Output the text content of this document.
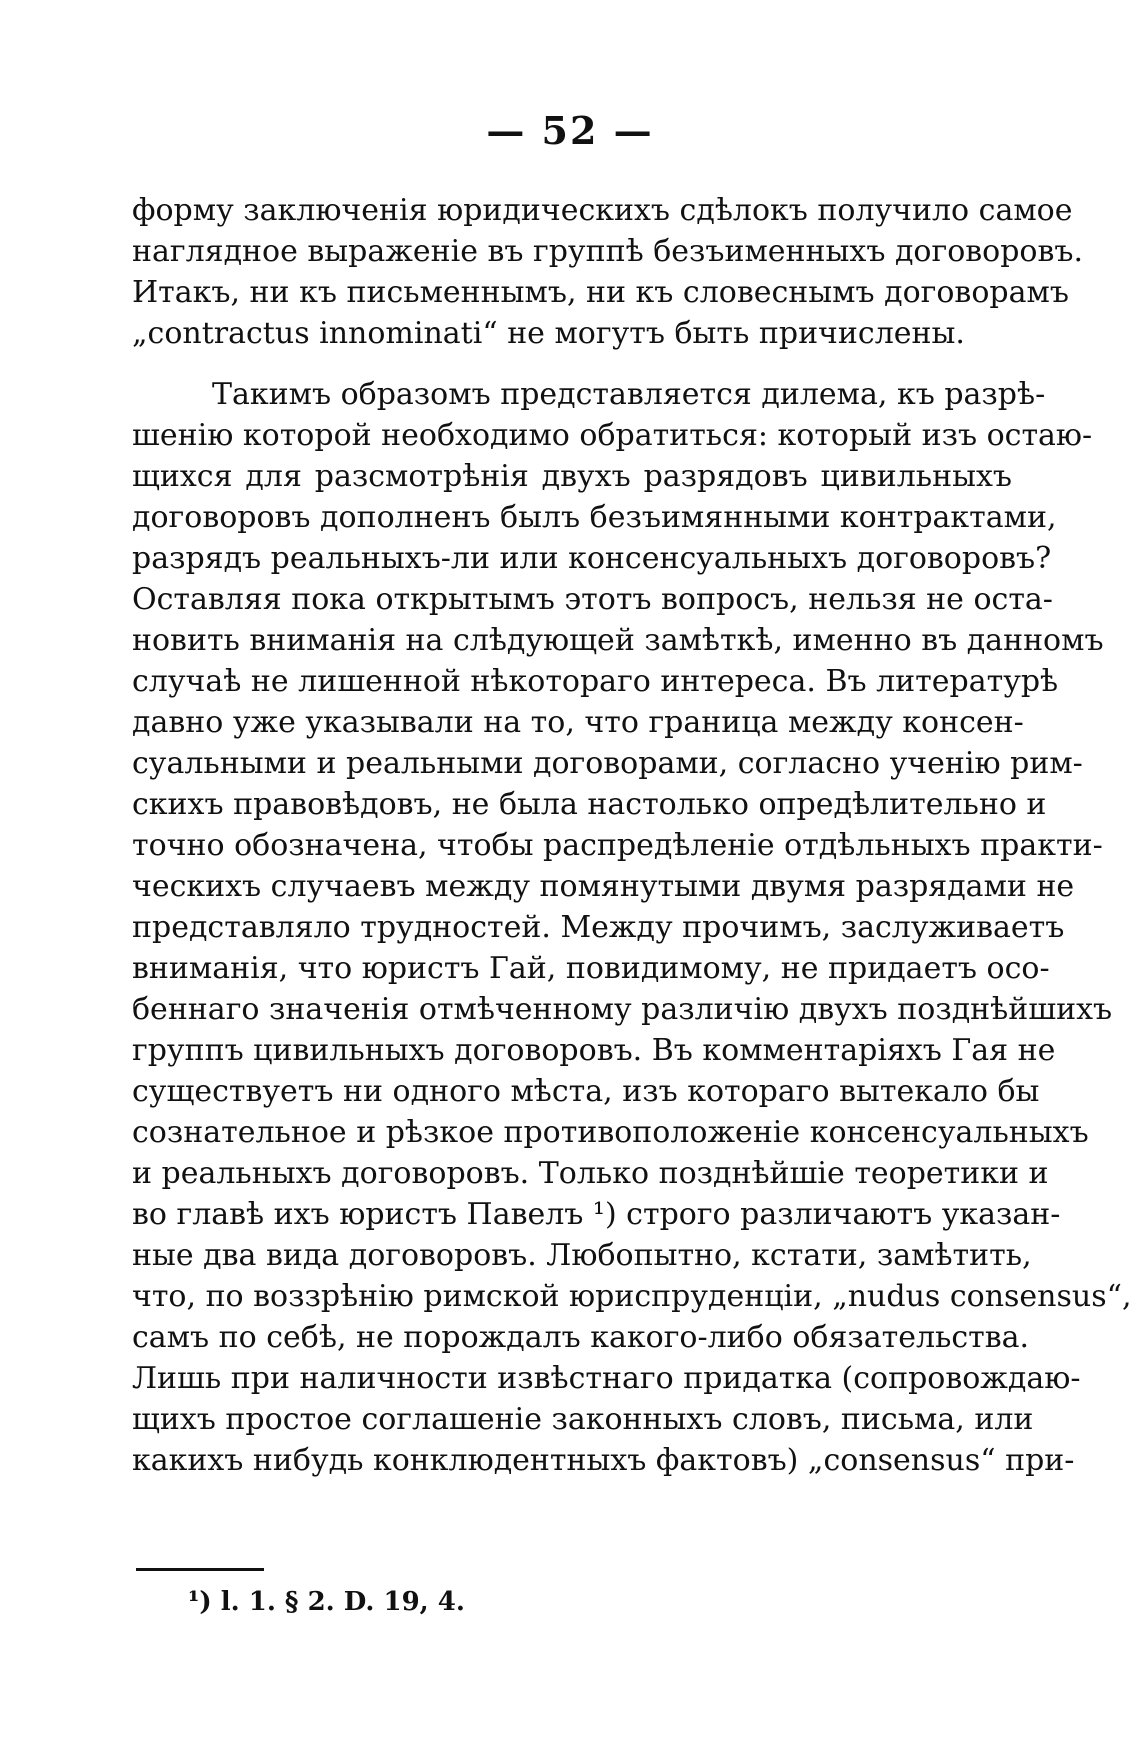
— 52 —
форму заключенія юридическихъ сдѣлокъ получило самое
наглядное выраженіе въ группѣ безъименныхъ договоровъ.
Итакъ, ни къ письменнымъ, ни къ словеснымъ договорамъ
„contractus innominati“ не могутъ быть причислены.
Такимъ образомъ представляется дилема, къ разрѣ-
шенію которой необходимо обратиться: который изъ остаю-
щихся для разсмотрѣнія двухъ разрядовъ цивильныхъ
договоровъ дополненъ былъ безъимянными контрактами,
разрядъ реальныхъ-ли или консенсуальныхъ договоровъ?
Оставляя пока открытымъ этотъ вопросъ, нельзя не оста-
новить вниманія на слѣдующей замѣткѣ, именно въ данномъ
случаѣ не лишенной нѣкотораго интереса. Въ литературѣ
давно уже указывали на то, что граница между консен-
суальными и реальными договорами, согласно ученію рим-
скихъ правовѣдовъ, не была настолько опредѣлительно и
точно обозначена, чтобы распредѣленіе отдѣльныхъ практи-
ческихъ случаевъ между помянутыми двумя разрядами не
представляло трудностей. Между прочимъ, заслуживаетъ
вниманія, что юристъ Гай, повидимому, не придаетъ осо-
беннаго значенія отмѣченному различію двухъ позднѣйшихъ
группъ цивильныхъ договоровъ. Въ комментаріяхъ Гая не
существуетъ ни одного мѣста, изъ котораго вытекало бы
сознательное и рѣзкое противоположеніе консенсуальныхъ
и реальныхъ договоровъ. Только позднѣйшіе теоретики и
во главѣ ихъ юристъ Павелъ ¹) строго различаютъ указан-
ные два вида договоровъ. Любопытно, кстати, замѣтить,
что, по воззрѣнію римской юриспруденціи, „nudus consensus“,
самъ по себѣ, не порождалъ какого-либо обязательства.
Лишь при наличности извѣстнаго придатка (сопровождаю-
щихъ простое соглашеніе законныхъ словъ, письма, или
какихъ нибудь конклюдентныхъ фактовъ) „consensus“ при-
¹) l. 1. § 2. D. 19, 4.
